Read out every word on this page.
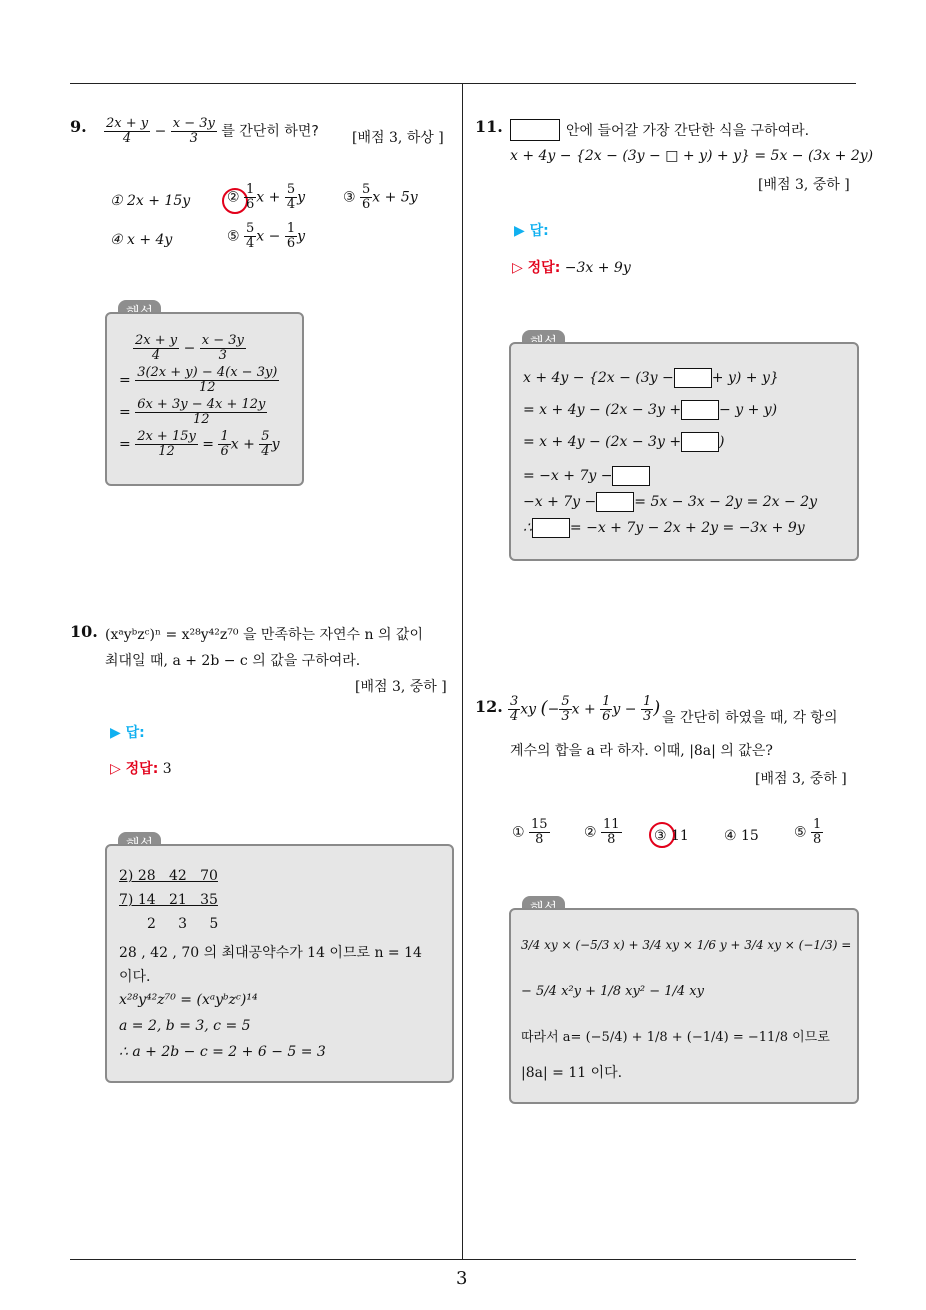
3
9. $\frac{2x + y}{4} - \frac{x - 3y}{3}$ 를 간단히 하면? [배점 3, 하상 ]
① 2x + 15y	② $\frac{1}{6}$ $x + \frac{5}{4}$ y	③ $\frac{5}{6}$ x + 5y
④ x + 4y	⑤ $\frac{5}{4}$ $x - \frac{1}{6}$ y
$\frac{2x + y}{4} - \frac{x - 3y}{3}$
= $\frac{3(2x + y) - 4(x - 3y)}{12}$
= $\frac{6x + 3y - 4x + 12y}{12}$
= $\frac{2x + 15y}{12} = \frac{1}{6}$ $x + \frac{5}{4}$ y
10. (xᵃyᵇzᶜ)ⁿ = x²⁸y⁴²z⁷⁰ 을 만족하는 자연수 n 의 값이
최대일 때, a + 2b − c 의 값을 구하여라.
[배점 3, 중하 ]
▶ 답:
▷ 정답: 3
2) 28   42   70
7) 14   21   35
2     3     5
28 , 42 , 70 의 최대공약수가 14 이므로 n = 14
이다.
x²⁸y⁴²z⁷⁰ = (xᵃyᵇzᶜ)¹⁴
a = 2, b = 3, c = 5
∴ a + 2b − c = 2 + 6 − 5 = 3
11.	안에 들어갈 가장 간단한 식을 구하여라.
x + 4y − {2x − (3y − □ + y) + y} = 5x − (3x + 2y)
[배점 3, 중하 ]
▶ 답:
▷ 정답: −3x + 9y
x + 4y − {2x − (3y −	+ y) + y}
= x + 4y − (2x − 3y +	− y + y)
= x + 4y − (2x − 3y +	)
= −x + 7y −
−x + 7y −	= 5x − 3x − 2y = 2x − 2y
∴	= −x + 7y − 2x + 2y = −3x + 9y
12. $\frac{3}{4}$ xy (− $\frac{5}{3}$ $x + \frac{1}{6}$ $y - \frac{1}{3}$ ) 을 간단히 하였을 때, 각 항의
계수의 합을 a 라 하자. 이때, |8a| 의 값은?
[배점 3, 중하 ]
① $\frac{15}{8}$ ② $\frac{11}{8}$ ③ 11	④ 15	⑤ $\frac{1}{8}$
3/4 xy × (−5/3 x) + 3/4 xy × 1/6 y + 3/4 xy × (−1/3) =
− 5/4 x²y + 1/8 xy² − 1/4 xy
따라서 a= (−5/4) + 1/8 + (−1/4) = −11/8 이므로
|8a| = 11 이다.
